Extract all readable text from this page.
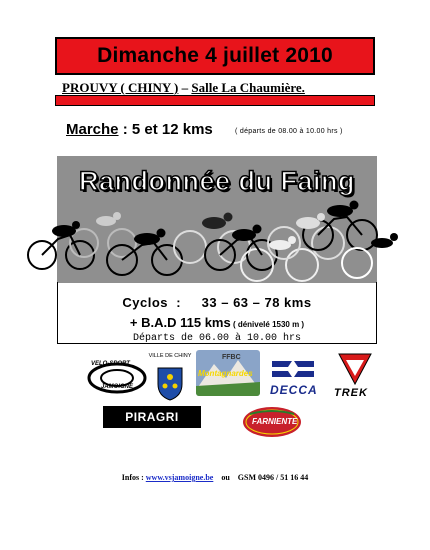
Dimanche 4 juillet 2010
PROUVY ( CHINY ) – Salle La Chaumière.
Marche : 5 et 12 kms	( départs de 08.00 à 10.00 hrs )
Randonnée du Faing
Cyclos  :     33 – 63 – 78 kms
+ B.A.D 115 kms ( dénivelé 1530 m )
Départs de 06.00 à 10.00 hrs
VELO-SPORT
JAMOIGNE
VILLE DE CHINY	FFBC
Montagnardes
DECCA TREK
PIRAGRI	FARNIENTE
Infos : www.vsjamoigne.be ou GSM 0496 / 51 16 44
